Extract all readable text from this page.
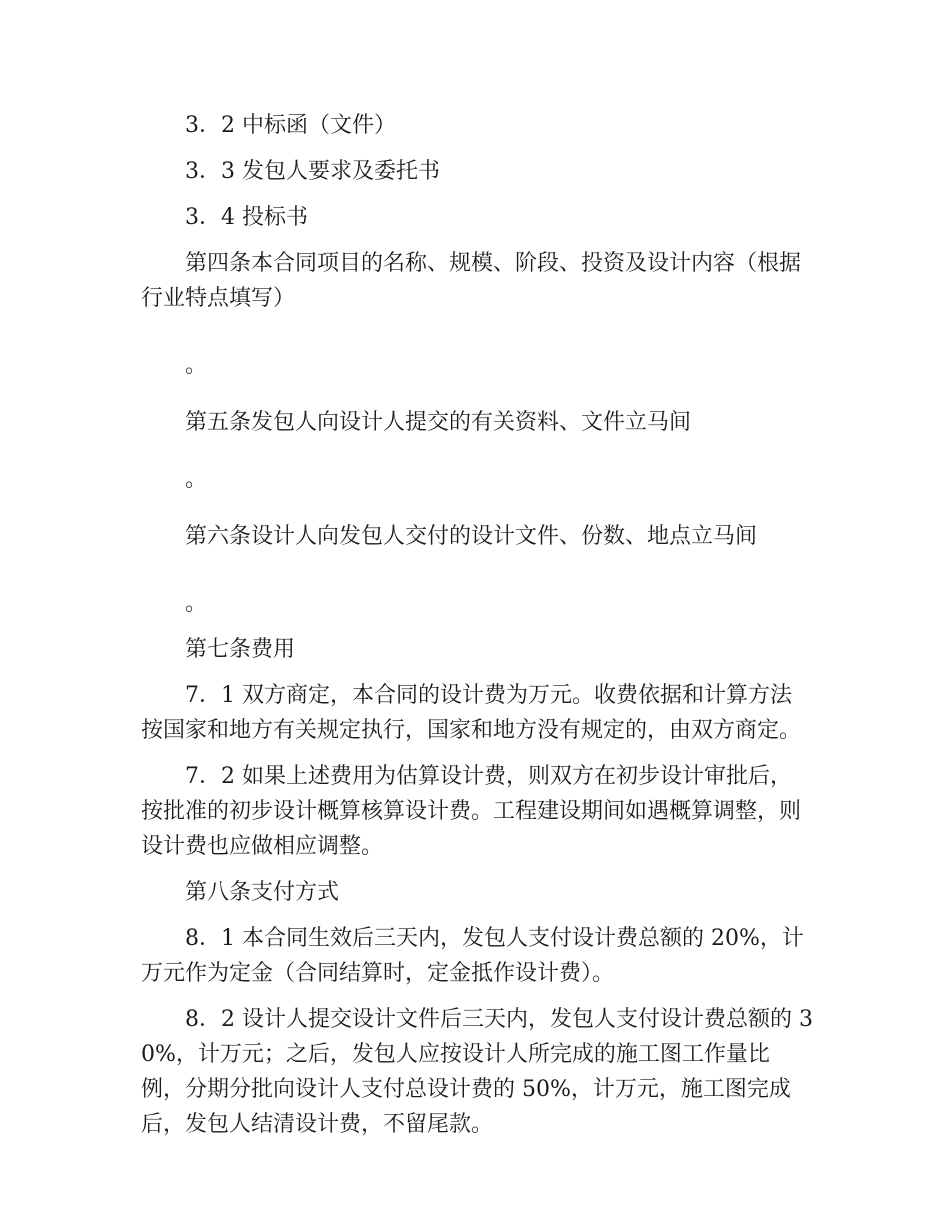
3．2 中标函（文件）

3．3 发包人要求及委托书

3．4 投标书

第四条本合同项目的名称、规模、阶段、投资及设计内容（根据行业特点填写）

。

第五条发包人向设计人提交的有关资料、文件立马间

。

第六条设计人向发包人交付的设计文件、份数、地点立马间

。

第七条费用

7．1 双方商定，本合同的设计费为万元。收费依据和计算方法按国家和地方有关规定执行，国家和地方没有规定的，由双方商定。

7．2 如果上述费用为估算设计费，则双方在初步设计审批后，按批准的初步设计概算核算设计费。工程建设期间如遇概算调整，则设计费也应做相应调整。

第八条支付方式

8．1 本合同生效后三天内，发包人支付设计费总额的 20%，计万元作为定金（合同结算时，定金抵作设计费）。

8．2 设计人提交设计文件后三天内，发包人支付设计费总额的 30%，计万元；之后，发包人应按设计人所完成的施工图工作量比例，分期分批向设计人支付总设计费的 50%，计万元，施工图完成后，发包人结清设计费，不留尾款。
